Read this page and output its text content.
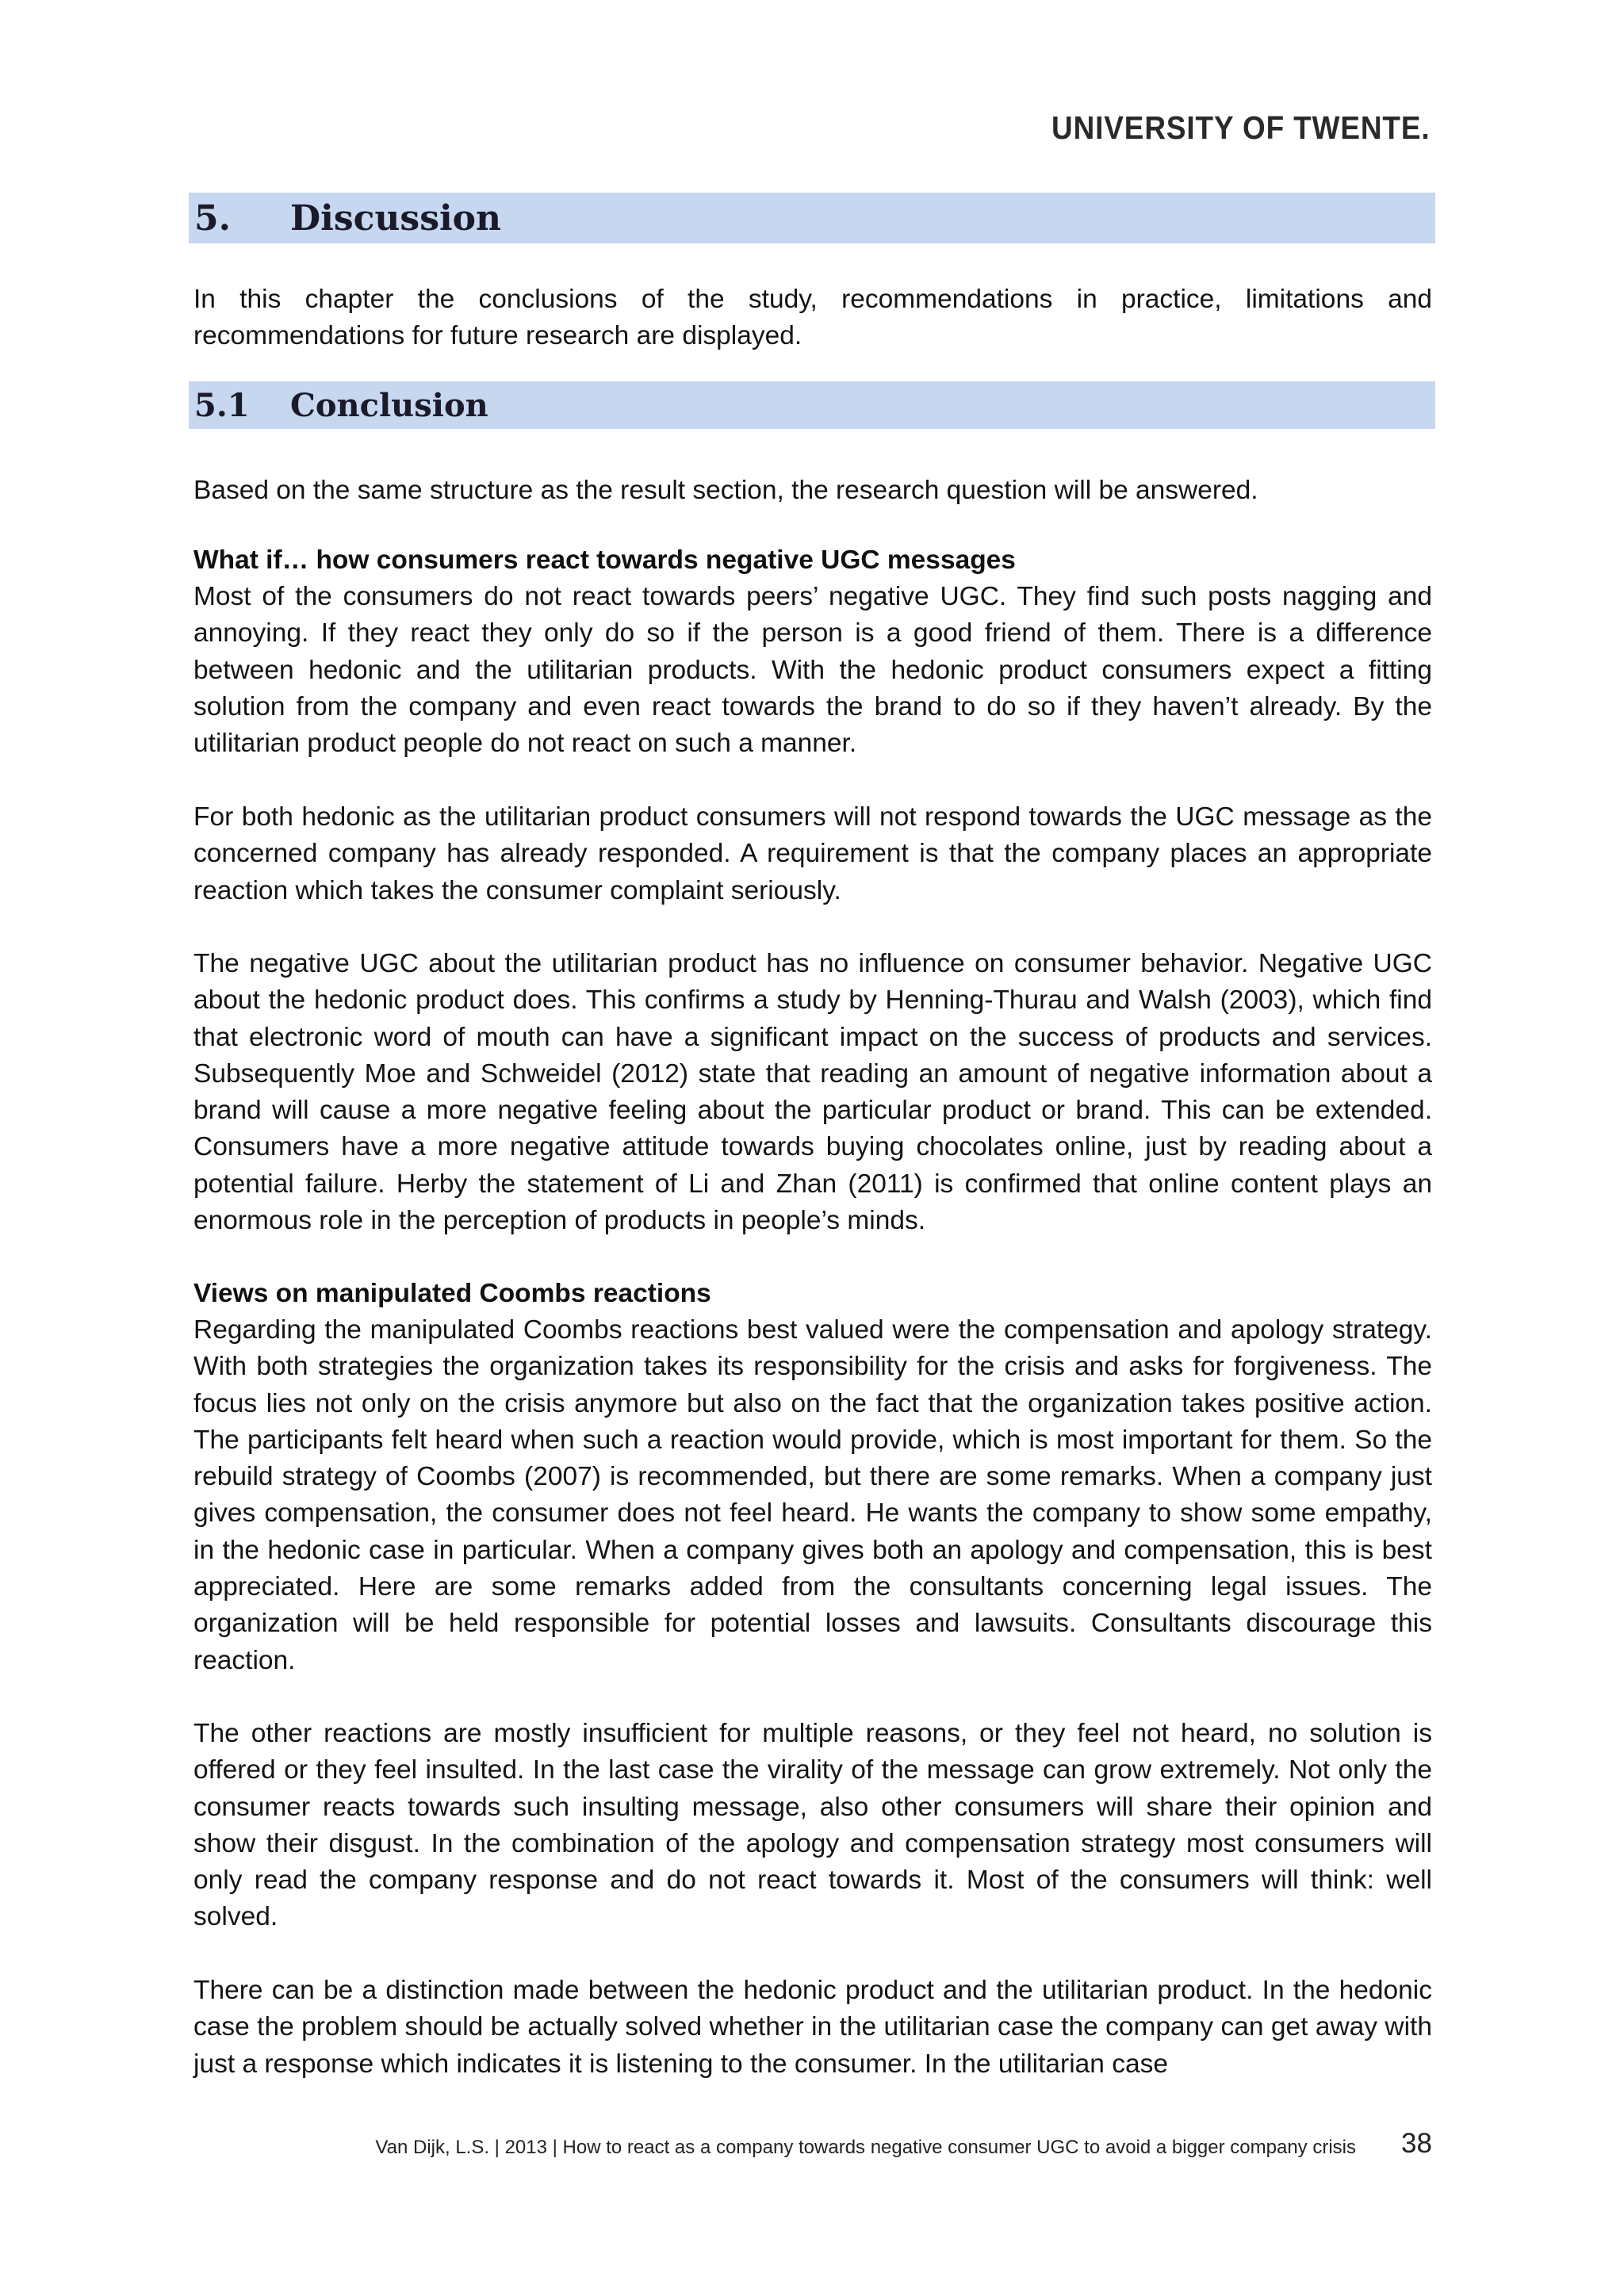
UNIVERSITY OF TWENTE.
5. Discussion
In this chapter the conclusions of the study, recommendations in practice, limitations and recommendations for future research are displayed.
5.1 Conclusion
Based on the same structure as the result section, the research question will be answered.
What if… how consumers react towards negative UGC messages
Most of the consumers do not react towards peers’ negative UGC. They find such posts nagging and annoying. If they react they only do so if the person is a good friend of them. There is a difference between hedonic and the utilitarian products. With the hedonic product consumers expect a fitting solution from the company and even react towards the brand to do so if they haven’t already. By the utilitarian product people do not react on such a manner.
For both hedonic as the utilitarian product consumers will not respond towards the UGC message as the concerned company has already responded. A requirement is that the company places an appropriate reaction which takes the consumer complaint seriously.
The negative UGC about the utilitarian product has no influence on consumer behavior. Negative UGC about the hedonic product does. This confirms a study by Henning-Thurau and Walsh (2003), which find that electronic word of mouth can have a significant impact on the success of products and services. Subsequently Moe and Schweidel (2012) state that reading an amount of negative information about a brand will cause a more negative feeling about the particular product or brand. This can be extended. Consumers have a more negative attitude towards buying chocolates online, just by reading about a potential failure. Herby the statement of Li and Zhan (2011) is confirmed that online content plays an enormous role in the perception of products in people’s minds.
Views on manipulated Coombs reactions
Regarding the manipulated Coombs reactions best valued were the compensation and apology strategy. With both strategies the organization takes its responsibility for the crisis and asks for forgiveness. The focus lies not only on the crisis anymore but also on the fact that the organization takes positive action. The participants felt heard when such a reaction would provide, which is most important for them. So the rebuild strategy of Coombs (2007) is recommended, but there are some remarks. When a company just gives compensation, the consumer does not feel heard. He wants the company to show some empathy, in the hedonic case in particular. When a company gives both an apology and compensation, this is best appreciated. Here are some remarks added from the consultants concerning legal issues. The organization will be held responsible for potential losses and lawsuits. Consultants discourage this reaction.
The other reactions are mostly insufficient for multiple reasons, or they feel not heard, no solution is offered or they feel insulted. In the last case the virality of the message can grow extremely. Not only the consumer reacts towards such insulting message, also other consumers will share their opinion and show their disgust. In the combination of the apology and compensation strategy most consumers will only read the company response and do not react towards it. Most of the consumers will think: well solved.
There can be a distinction made between the hedonic product and the utilitarian product. In the hedonic case the problem should be actually solved whether in the utilitarian case the company can get away with just a response which indicates it is listening to the consumer. In the utilitarian case
Van Dijk, L.S. | 2013 | How to react as a company towards negative consumer UGC to avoid a bigger company crisis 38
